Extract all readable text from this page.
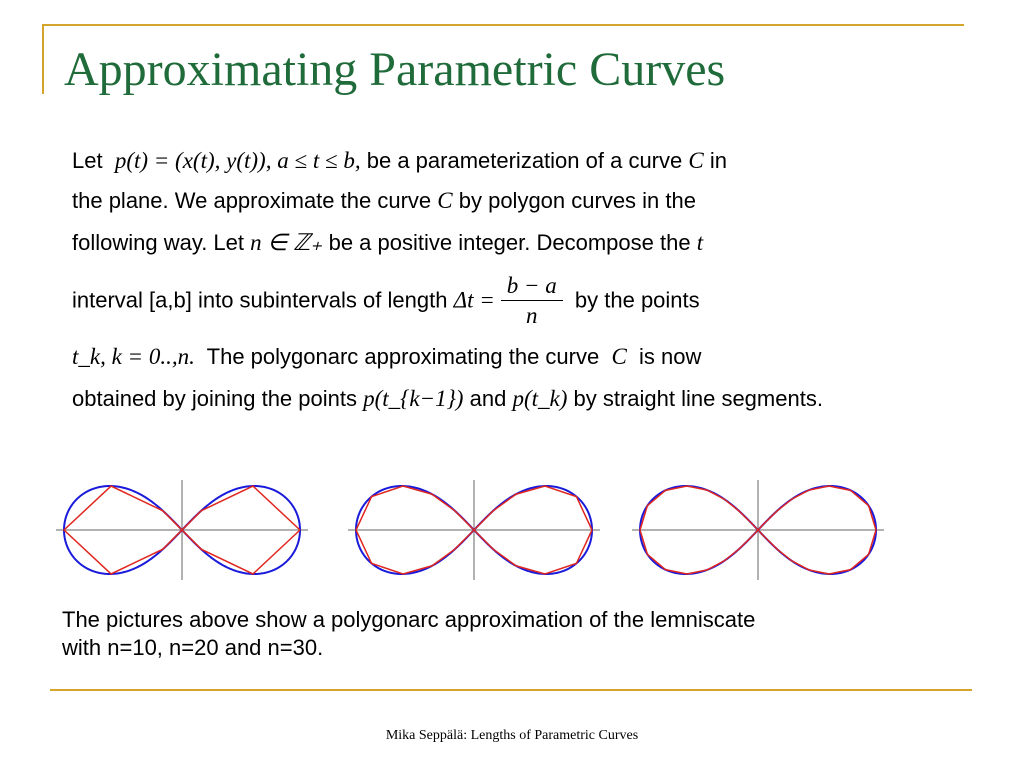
Approximating Parametric Curves
Let p(t) = (x(t), y(t)), a ≤ t ≤ b, be a parameterization of a curve C in
the plane. We approximate the curve C by polygon curves in the
following way. Let n ∈ ℤ₊ be a positive integer. Decompose the t
interval [a,b] into subintervals of length $\Delta t = \frac{b - a}{n}$ by the points
t_k, k = 0..,n. The polygonarc approximating the curve C is now
obtained by joining the points p(t_{k−1}) and p(t_k) by straight line segments.
The pictures above show a polygonarc approximation of the lemniscate
with n=10, n=20 and n=30.
Mika Seppälä: Lengths of Parametric Curves
